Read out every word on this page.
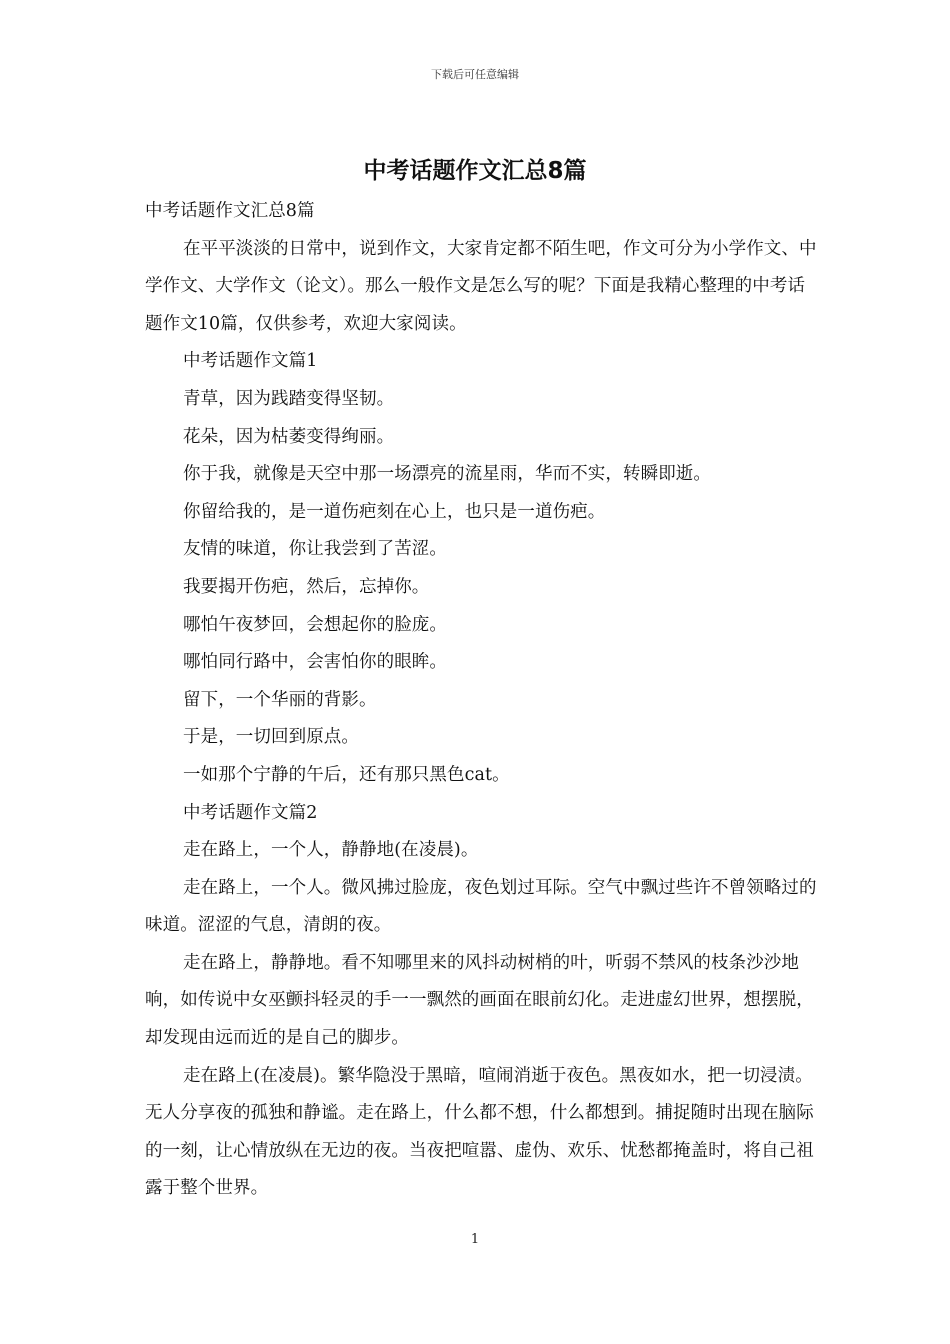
下载后可任意编辑
中考话题作文汇总8篇

中考话题作文汇总8篇

在平平淡淡的日常中，说到作文，大家肯定都不陌生吧，作文可分为小学作文、中学作文、大学作文（论文）。那么一般作文是怎么写的呢？下面是我精心整理的中考话题作文10篇，仅供参考，欢迎大家阅读。

中考话题作文篇1

青草，因为践踏变得坚韧。

花朵，因为枯萎变得绚丽。

你于我，就像是天空中那一场漂亮的流星雨，华而不实，转瞬即逝。

你留给我的，是一道伤疤刻在心上，也只是一道伤疤。

友情的味道，你让我尝到了苦涩。

我要揭开伤疤，然后，忘掉你。

哪怕午夜梦回，会想起你的脸庞。

哪怕同行路中，会害怕你的眼眸。

留下，一个华丽的背影。

于是，一切回到原点。

一如那个宁静的午后，还有那只黑色cat。

中考话题作文篇2

走在路上，一个人，静静地(在凌晨)。

走在路上，一个人。微风拂过脸庞，夜色划过耳际。空气中飘过些许不曾领略过的味道。涩涩的气息，清朗的夜。

走在路上，静静地。看不知哪里来的风抖动树梢的叶，听弱不禁风的枝条沙沙地响，如传说中女巫颤抖轻灵的手一一飘然的画面在眼前幻化。走进虚幻世界，想摆脱，却发现由远而近的是自己的脚步。

走在路上(在凌晨)。繁华隐没于黑暗，喧闹消逝于夜色。黑夜如水，把一切浸渍。无人分享夜的孤独和静谧。走在路上，什么都不想，什么都想到。捕捉随时出现在脑际的一刻，让心情放纵在无边的夜。当夜把喧嚣、虚伪、欢乐、忧愁都掩盖时，将自己祖露于整个世界。

1
